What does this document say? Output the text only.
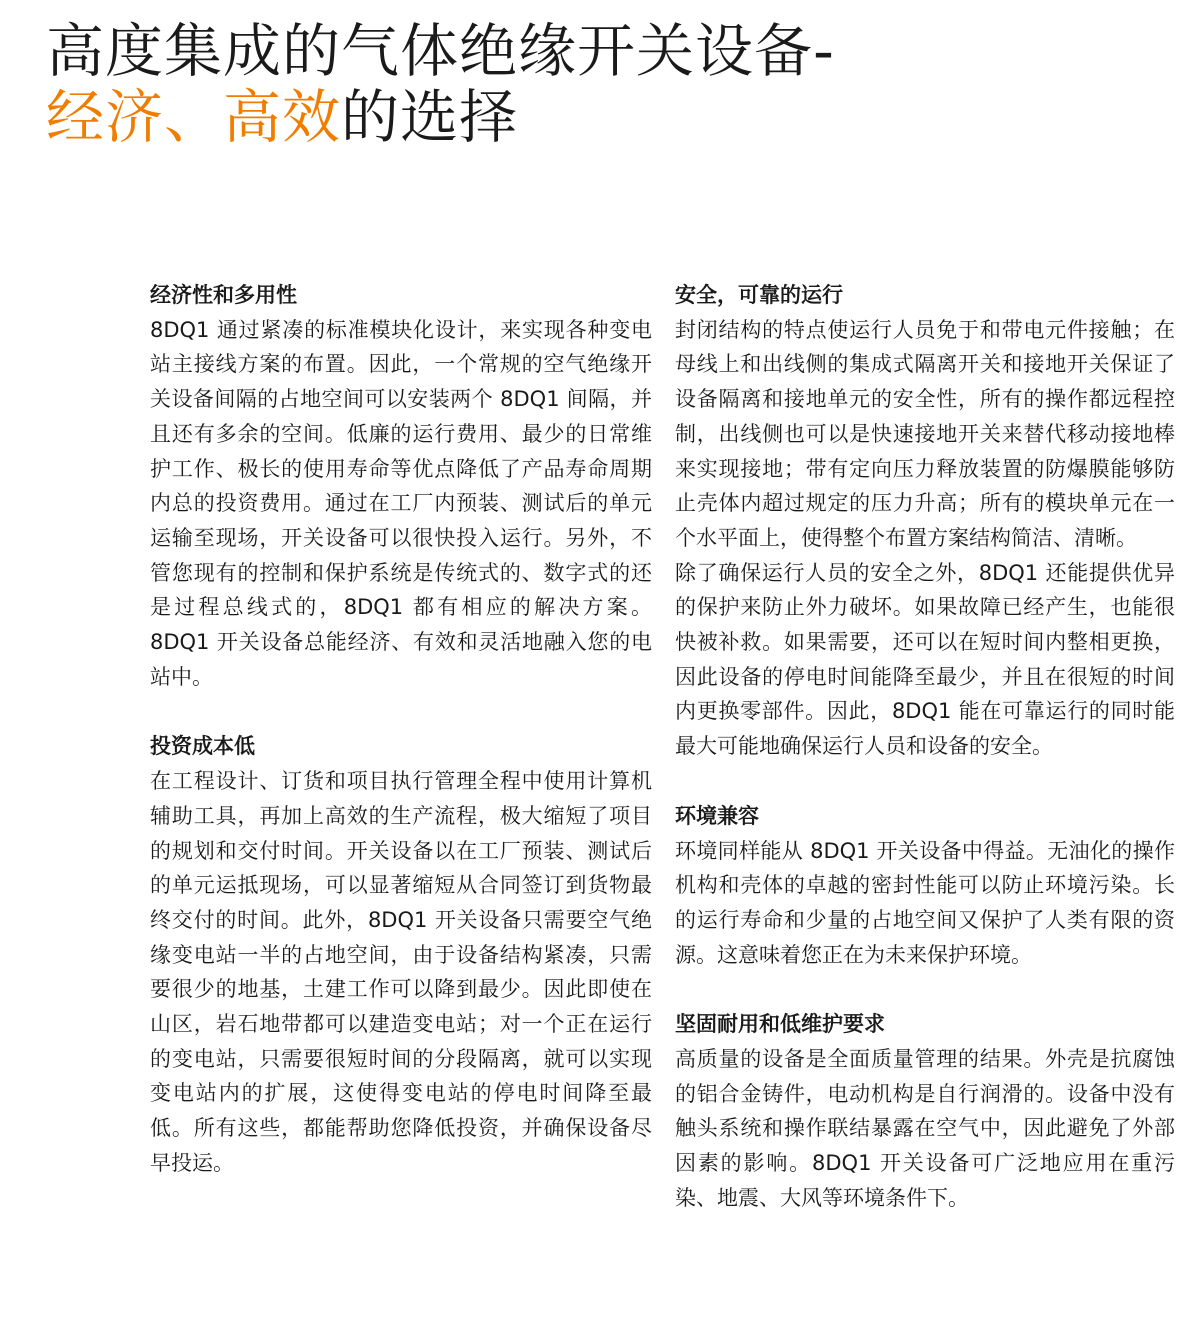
高度集成的气体绝缘开关设备-
经济、高效的选择

经济性和多用性

8DQ1 通过紧凑的标准模块化设计，来实现各种变电站主接线方案的布置。因此，一个常规的空气绝缘开关设备间隔的占地空间可以安装两个 8DQ1 间隔，并且还有多余的空间。低廉的运行费用、最少的日常维护工作、极长的使用寿命等优点降低了产品寿命周期内总的投资费用。通过在工厂内预装、测试后的单元运输至现场，开关设备可以很快投入运行。另外，不管您现有的控制和保护系统是传统式的、数字式的还是过程总线式的，8DQ1 都有相应的解决方案。8DQ1 开关设备总能经济、有效和灵活地融入您的电站中。

投资成本低

在工程设计、订货和项目执行管理全程中使用计算机辅助工具，再加上高效的生产流程，极大缩短了项目的规划和交付时间。开关设备以在工厂预装、测试后的单元运抵现场，可以显著缩短从合同签订到货物最终交付的时间。此外，8DQ1 开关设备只需要空气绝缘变电站一半的占地空间，由于设备结构紧凑，只需要很少的地基，土建工作可以降到最少。因此即使在山区，岩石地带都可以建造变电站；对一个正在运行的变电站，只需要很短时间的分段隔离，就可以实现变电站内的扩展，这使得变电站的停电时间降至最低。所有这些，都能帮助您降低投资，并确保设备尽早投运。

安全，可靠的运行

封闭结构的特点使运行人员免于和带电元件接触；在母线上和出线侧的集成式隔离开关和接地开关保证了设备隔离和接地单元的安全性，所有的操作都远程控制，出线侧也可以是快速接地开关来替代移动接地棒来实现接地；带有定向压力释放装置的防爆膜能够防止壳体内超过规定的压力升高；所有的模块单元在一个水平面上，使得整个布置方案结构简洁、清晰。
除了确保运行人员的安全之外，8DQ1 还能提供优异的保护来防止外力破坏。如果故障已经产生，也能很快被补救。如果需要，还可以在短时间内整相更换，因此设备的停电时间能降至最少，并且在很短的时间内更换零部件。因此，8DQ1 能在可靠运行的同时能最大可能地确保运行人员和设备的安全。

环境兼容

环境同样能从 8DQ1 开关设备中得益。无油化的操作机构和壳体的卓越的密封性能可以防止环境污染。长的运行寿命和少量的占地空间又保护了人类有限的资源。这意味着您正在为未来保护环境。

坚固耐用和低维护要求

高质量的设备是全面质量管理的结果。外壳是抗腐蚀的铝合金铸件，电动机构是自行润滑的。设备中没有触头系统和操作联结暴露在空气中，因此避免了外部因素的影响。8DQ1 开关设备可广泛地应用在重污染、地震、大风等环境条件下。
